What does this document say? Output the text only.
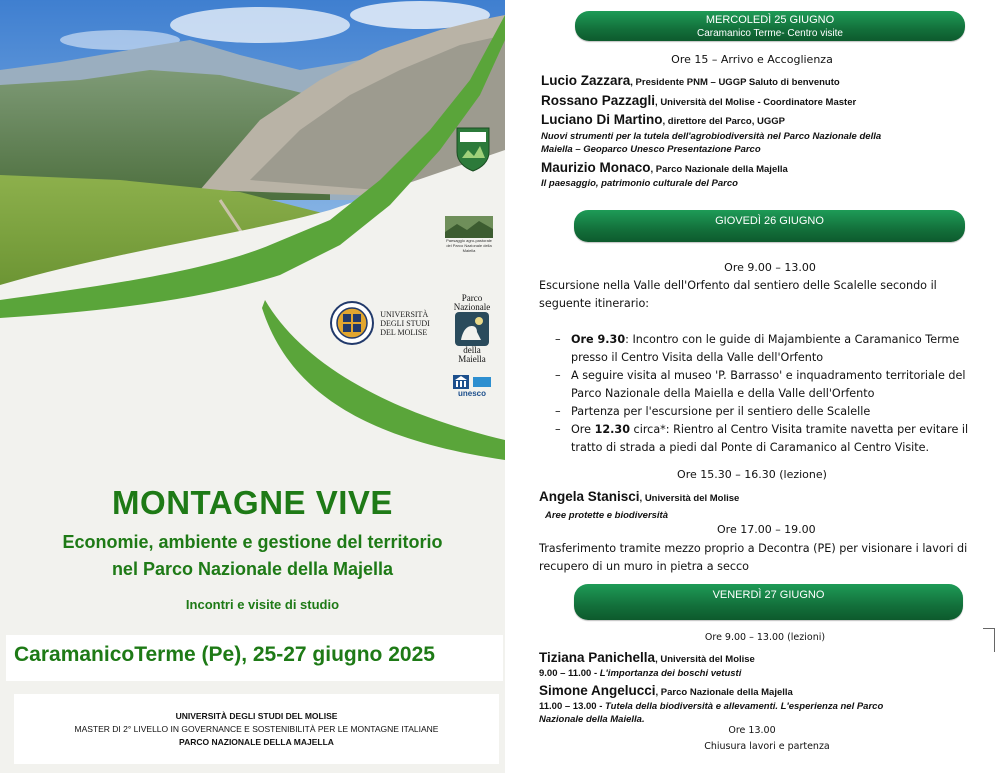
Paesaggio agro-pastorale del Parco Nazionale della Maiella
UNIVERSITÀ
DEGLI STUDI
DEL MOLISE
Parco
Nazionale
della
Maiella
unesco
MONTAGNE VIVE
Economie, ambiente e gestione del territorio
nel Parco Nazionale della Majella
Incontri e visite di studio
CaramanicoTerme (Pe), 25-27 giugno 2025
UNIVERSITÀ DEGLI STUDI DEL MOLISE
MASTER DI 2° LIVELLO IN GOVERNANCE E SOSTENIBILITÀ PER LE MONTAGNE ITALIANE
PARCO NAZIONALE DELLA MAJELLA
MERCOLEDÌ 25 GIUGNO
Caramanico Terme- Centro visite
Ore 15 – Arrivo e Accoglienza
Lucio Zazzara, Presidente PNM – UGGP Saluto di benvenuto
Rossano Pazzagli, Università del Molise - Coordinatore Master
Luciano Di Martino, direttore del Parco, UGGP
Nuovi strumenti per la tutela dell'agrobiodiversità nel Parco Nazionale della
Maiella – Geoparco Unesco Presentazione Parco
Maurizio Monaco, Parco Nazionale della Majella
Il paesaggio, patrimonio culturale del Parco
GIOVEDÌ 26 GIUGNO
Ore 9.00 – 13.00
Escursione nella Valle dell'Orfento dal sentiero delle Scalelle secondo il seguente itinerario:
– Ore 9.30: Incontro con le guide di Majambiente a Caramanico Terme presso il Centro Visita della Valle dell'Orfento
– A seguire visita al museo 'P. Barrasso' e inquadramento territoriale del Parco Nazionale della Maiella e della Valle dell'Orfento
– Partenza per l'escursione per il sentiero delle Scalelle
– Ore 12.30 circa*: Rientro al Centro Visita tramite navetta per evitare il tratto di strada a piedi dal Ponte di Caramanico al Centro Visite.
Ore 15.30 – 16.30 (lezione)
Angela Stanisci, Università del Molise
Aree protette e biodiversità
Ore 17.00 – 19.00
Trasferimento tramite mezzo proprio a Decontra (PE) per visionare i lavori di recupero di un muro in pietra a secco
VENERDÌ 27 GIUGNO
Ore 9.00 – 13.00 (lezioni)
Tiziana Panichella, Università del Molise
9.00 – 11.00 - L'importanza dei boschi vetusti
Simone Angelucci, Parco Nazionale della Majella
11.00 – 13.00 - Tutela della biodiversità e allevamenti. L'esperienza nel Parco
Nazionale della Maiella.
Ore 13.00
Chiusura lavori e partenza
